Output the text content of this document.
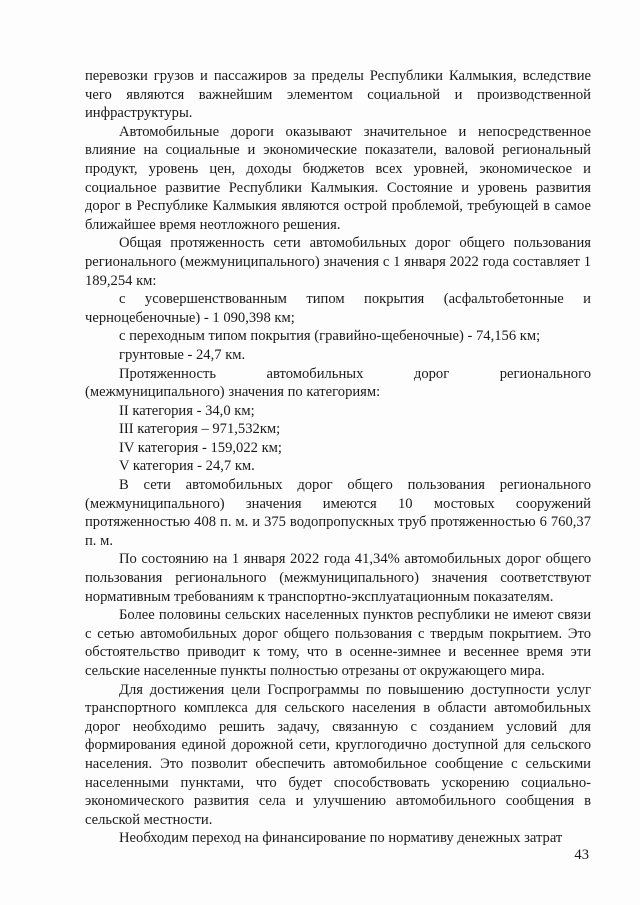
перевозки грузов и пассажиров за пределы Республики Калмыкия, вследствие чего являются важнейшим элементом социальной и производственной инфраструктуры.

Автомобильные дороги оказывают значительное и непосредственное влияние на социальные и экономические показатели, валовой региональный продукт, уровень цен, доходы бюджетов всех уровней, экономическое и социальное развитие Республики Калмыкия. Состояние и уровень развития дорог в Республике Калмыкия являются острой проблемой, требующей в самое ближайшее время неотложного решения.

Общая протяженность сети автомобильных дорог общего пользования регионального (межмуниципального) значения с 1 января 2022 года составляет 1 189,254 км:

с усовершенствованным типом покрытия (асфальтобетонные и черноцебеночные) - 1 090,398 км;

с переходным типом покрытия (гравийно-щебеночные) - 74,156 км;

грунтовые - 24,7 км.

Протяженность автомобильных дорог регионального (межмуниципального) значения по категориям:

II категория - 34,0 км;

III категория – 971,532км;

IV категория - 159,022 км;

V категория - 24,7 км.

В сети автомобильных дорог общего пользования регионального (межмуниципального) значения имеются 10 мостовых сооружений протяженностью 408 п. м. и 375 водопропускных труб протяженностью 6 760,37 п. м.

По состоянию на 1 января 2022 года 41,34% автомобильных дорог общего пользования регионального (межмуниципального) значения соответствуют нормативным требованиям к транспортно-эксплуатационным показателям.

Более половины сельских населенных пунктов республики не имеют связи с сетью автомобильных дорог общего пользования с твердым покрытием. Это обстоятельство приводит к тому, что в осенне-зимнее и весеннее время эти сельские населенные пункты полностью отрезаны от окружающего мира.

Для достижения цели Госпрограммы по повышению доступности услуг транспортного комплекса для сельского населения в области автомобильных дорог необходимо решить задачу, связанную с созданием условий для формирования единой дорожной сети, круглогодично доступной для сельского населения. Это позволит обеспечить автомобильное сообщение с сельскими населенными пунктами, что будет способствовать ускорению социально-экономического развития села и улучшению автомобильного сообщения в сельской местности.

Необходим переход на финансирование по нормативу денежных затрат

43
